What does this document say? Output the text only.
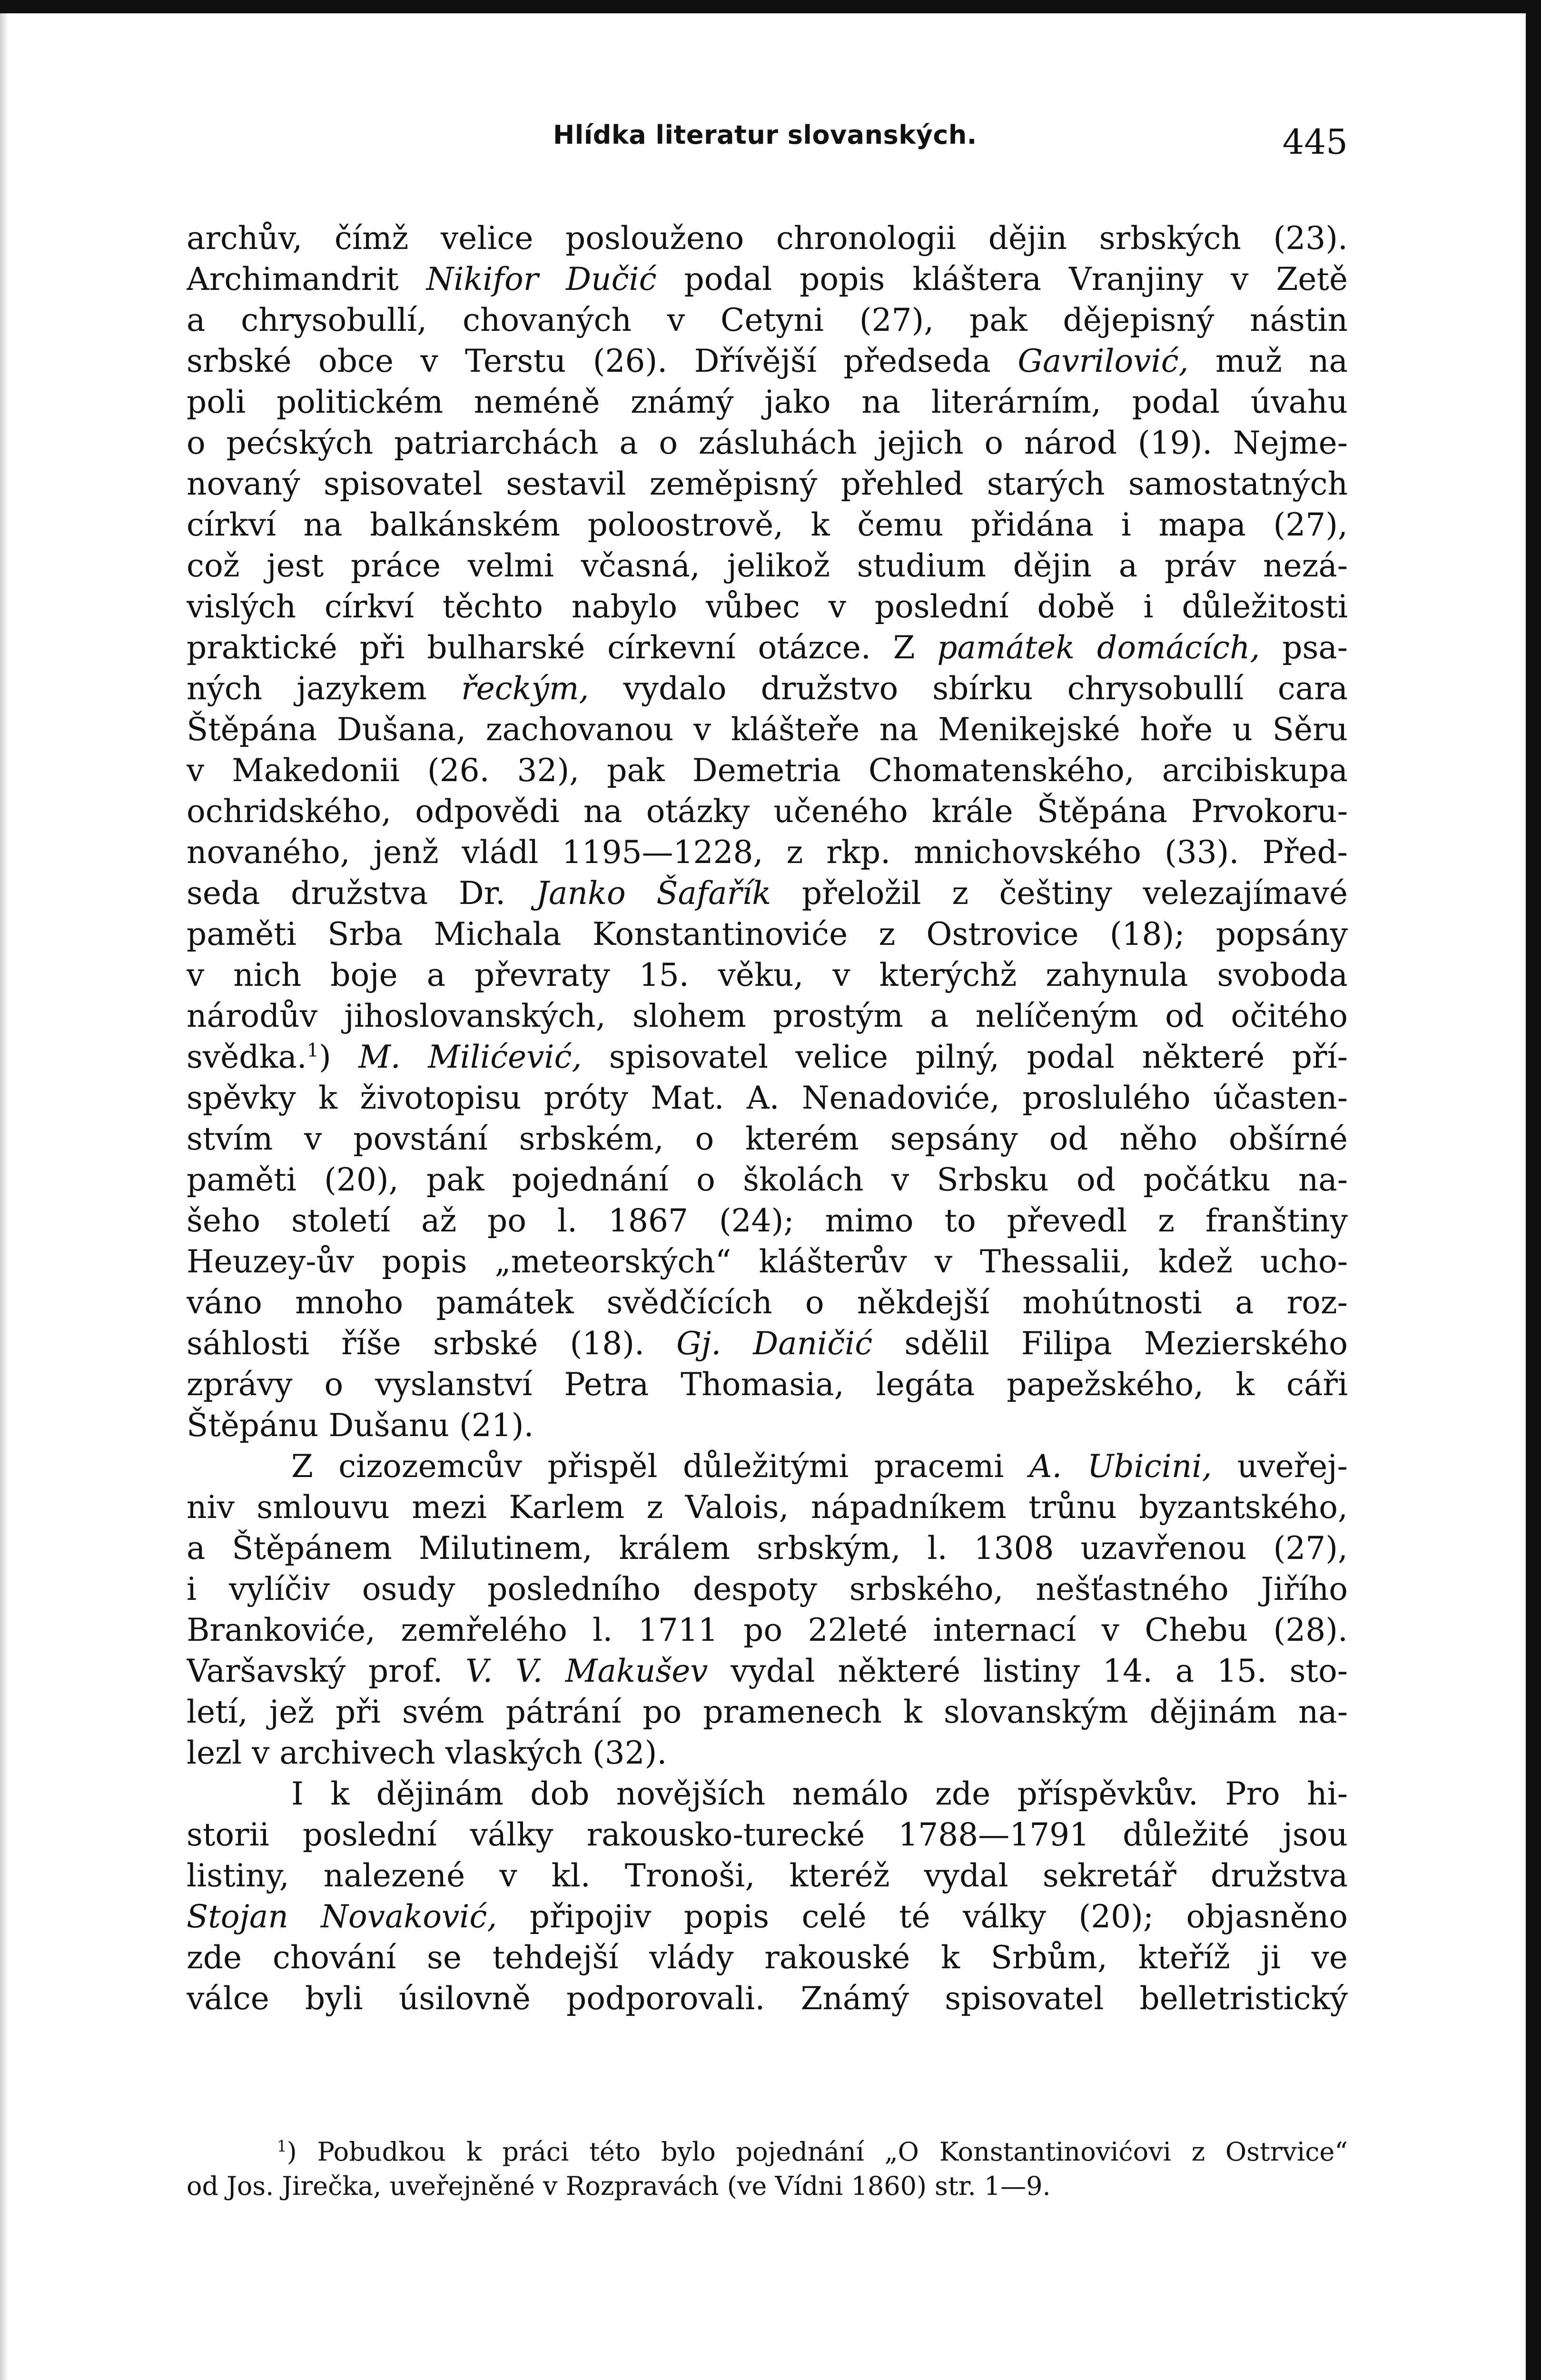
Hlídka literatur slovanských.	445
archův, čímž velice poslouženo chronologii dějin srbských (23).
Archimandrit Nikifor Dučić podal popis kláštera Vranjiny v Zetě
a chrysobullí, chovaných v Cetyni (27), pak dějepisný nástin
srbské obce v Terstu (26). Dřívější předseda Gavrilović, muž na
poli politickém neméně známý jako na literárním, podal úvahu
o pećských patriarchách a o zásluhách jejich o národ (19). Nejme-
novaný spisovatel sestavil zeměpisný přehled starých samostatných
církví na balkánském poloostrově, k čemu přidána i mapa (27),
což jest práce velmi včasná, jelikož studium dějin a práv nezá-
vislých církví těchto nabylo vůbec v poslední době i důležitosti
praktické při bulharské církevní otázce. Z památek domácích, psa-
ných jazykem řeckým, vydalo družstvo sbírku chrysobullí cara
Štěpána Dušana, zachovanou v klášteře na Menikejské hoře u Sěru
v Makedonii (26. 32), pak Demetria Chomatenského, arcibiskupa
ochridského, odpovědi na otázky učeného krále Štěpána Prvokoru-
novaného, jenž vládl 1195—1228, z rkp. mnichovského (33). Před-
seda družstva Dr. Janko Šafařík přeložil z češtiny velezajímavé
paměti Srba Michala Konstantinoviće z Ostrovice (18); popsány
v nich boje a převraty 15. věku, v kterýchž zahynula svoboda
národův jihoslovanských, slohem prostým a nelíčeným od očitého
svědka.$^1$) M. Milićević, spisovatel velice pilný, podal některé pří-
spěvky k životopisu próty Mat. A. Nenadoviće, proslulého účasten-
stvím v povstání srbském, o kterém sepsány od něho obšírné
paměti (20), pak pojednání o školách v Srbsku od počátku na-
šeho století až po l. 1867 (24); mimo to převedl z franštiny
Heuzey-ův popis „meteorských“ klášterův v Thessalii, kdež ucho-
váno mnoho památek svědčících o někdejší mohútnosti a roz-
sáhlosti říše srbské (18). Gj. Daničić sdělil Filipa Mezierského
zprávy o vyslanství Petra Thomasia, legáta papežského, k cáři
Štěpánu Dušanu (21).
Z cizozemcův přispěl důležitými pracemi A. Ubicini, uveřej-
niv smlouvu mezi Karlem z Valois, nápadníkem trůnu byzantského,
a Štěpánem Milutinem, králem srbským, l. 1308 uzavřenou (27),
i vylíčiv osudy posledního despoty srbského, nešťastného Jiřího
Brankoviće, zemřelého l. 1711 po 22leté internací v Chebu (28).
Varšavský prof. V. V. Makušev vydal některé listiny 14. a 15. sto-
letí, jež při svém pátrání po pramenech k slovanským dějinám na-
lezl v archivech vlaských (32).
I k dějinám dob novějších nemálo zde příspěvkův. Pro hi-
storii poslední války rakousko-turecké 1788—1791 důležité jsou
listiny, nalezené v kl. Tronoši, kteréž vydal sekretář družstva
Stojan Novaković, připojiv popis celé té války (20); objasněno
zde chování se tehdejší vlády rakouské k Srbům, kteříž ji ve
válce byli úsilovně podporovali. Známý spisovatel belletristický
$^1$) Pobudkou k práci této bylo pojednání „O Konstantinovićovi z Ostrvice“
od Jos. Jirečka, uveřejněné v Rozpravách (ve Vídni 1860) str. 1—9.
